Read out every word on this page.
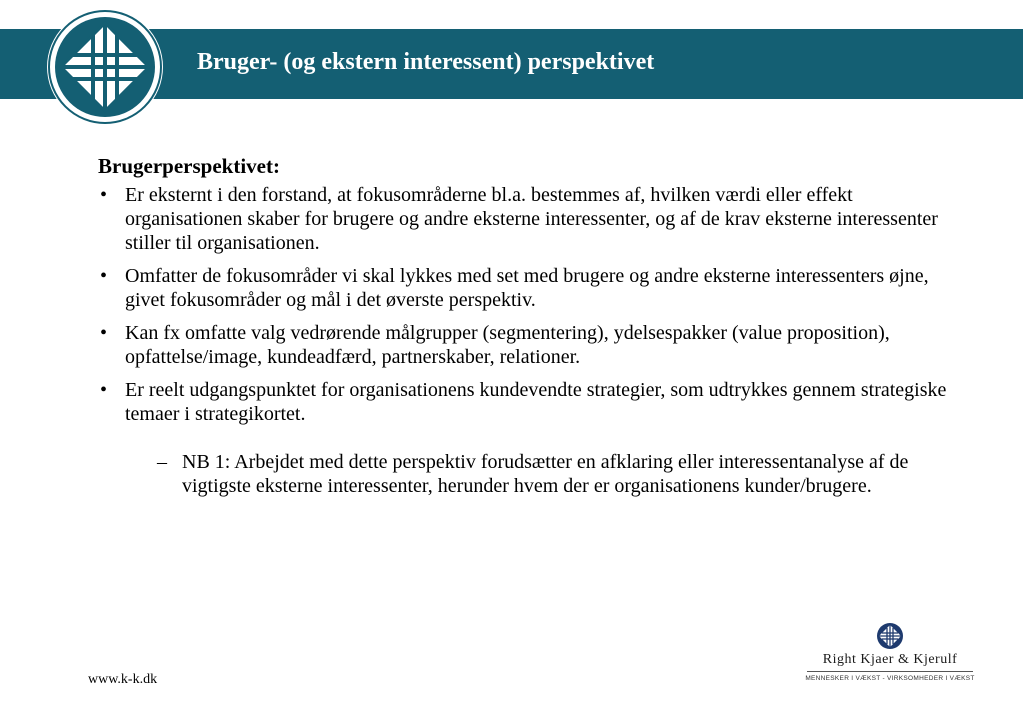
Bruger- (og ekstern interessent) perspektivet
Brugerperspektivet:
• Er eksternt i den forstand, at fokusområderne bl.a. bestemmes af, hvilken værdi eller effekt organisationen skaber for brugere og andre eksterne interessenter, og af de krav eksterne interessenter stiller til organisationen.
• Omfatter de fokusområder vi skal lykkes med set med brugere og andre eksterne interessenters øjne, givet fokusområder og mål i det øverste perspektiv.
• Kan fx omfatte valg vedrørende målgrupper (segmentering), ydelsespakker (value proposition), opfattelse/image, kundeadfærd, partnerskaber, relationer.
• Er reelt udgangspunktet for organisationens kundevendte strategier, som udtrykkes gennem strategiske temaer i strategikortet.
– NB 1: Arbejdet med dette perspektiv forudsætter en afklaring eller interessentanalyse af de vigtigste eksterne interessenter, herunder hvem der er organisationens kunder/brugere.
www.k-k.dk
Right Kjaer & Kjerulf
MENNESKER I VÆKST - VIRKSOMHEDER I VÆKST
